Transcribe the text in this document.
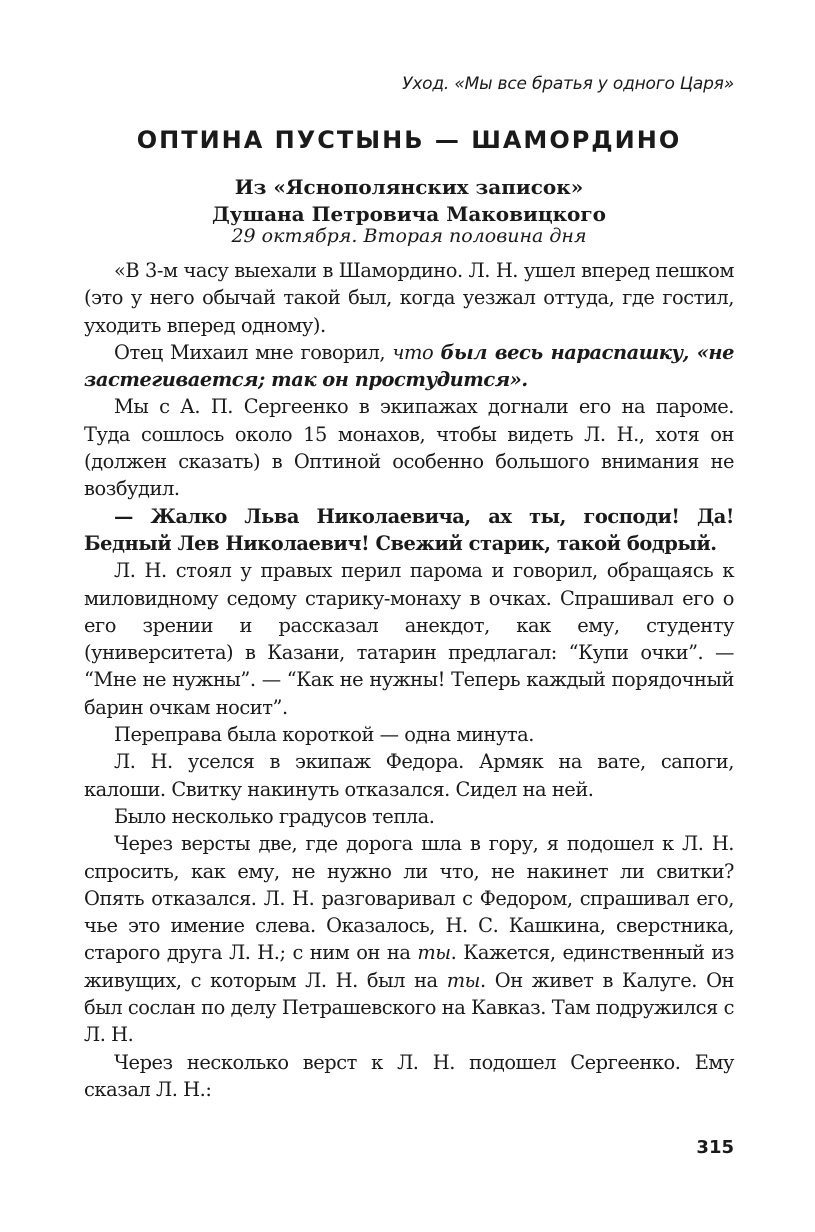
Уход. «Мы все братья у одного Царя»
ОПТИНА ПУСТЫНЬ — ШАМОРДИНО
Из «Яснополянских записок»
Душана Петровича Маковицкого
29 октября. Вторая половина дня

«В 3-м часу выехали в Шамордино. Л. Н. ушел вперед пешком (это у него обычай такой был, когда уезжал оттуда, где гостил, уходить вперед одному).

Отец Михаил мне говорил, что был весь нараспашку, «не застегивается; так он простудится».

Мы с А. П. Сергеенко в экипажах догнали его на пароме. Туда сошлось около 15 монахов, чтобы видеть Л. Н., хотя он (должен сказать) в Оптиной особенно большого внимания не возбудил.

— Жалко Льва Николаевича, ах ты, господи! Да! Бедный Лев Николаевич! Свежий старик, такой бодрый.

Л. Н. стоял у правых перил парома и говорил, обращаясь к миловидному седому старику-монаху в очках. Спрашивал его о его зрении и рассказал анекдот, как ему, студенту (университета) в Казани, татарин предлагал: “Купи очки”. — “Мне не нужны”. — “Как не нужны! Теперь каждый порядочный барин очкам носит”.

Переправа была короткой — одна минута.

Л. Н. уселся в экипаж Федора. Армяк на вате, сапоги, калоши. Свитку накинуть отказался. Сидел на ней.

Было несколько градусов тепла.

Через версты две, где дорога шла в гору, я подошел к Л. Н. спросить, как ему, не нужно ли что, не накинет ли свитки? Опять отказался. Л. Н. разговаривал с Федором, спрашивал его, чье это имение слева. Оказалось, Н. С. Кашкина, сверстника, старого друга Л. Н.; с ним он на ты. Кажется, единственный из живущих, с которым Л. Н. был на ты. Он живет в Калуге. Он был сослан по делу Петрашевского на Кавказ. Там подружился с Л. Н.

Через несколько верст к Л. Н. подошел Сергеенко. Ему сказал Л. Н.:

315
